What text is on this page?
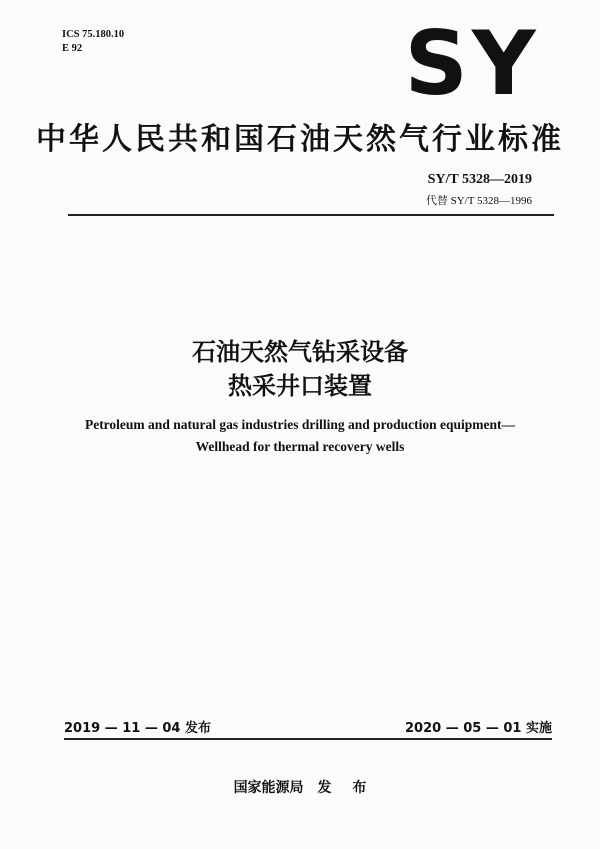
ICS 75.180.10
E 92	SY
中华人民共和国石油天然气行业标准
SY/T 5328—2019
代替 SY/T 5328—1996
石油天然气钻采设备
热采井口装置
Petroleum and natural gas industries drilling and production equipment—
Wellhead for thermal recovery wells
2019 — 11 — 04 发布	2020 — 05 — 01 实施
国家能源局　发 布
